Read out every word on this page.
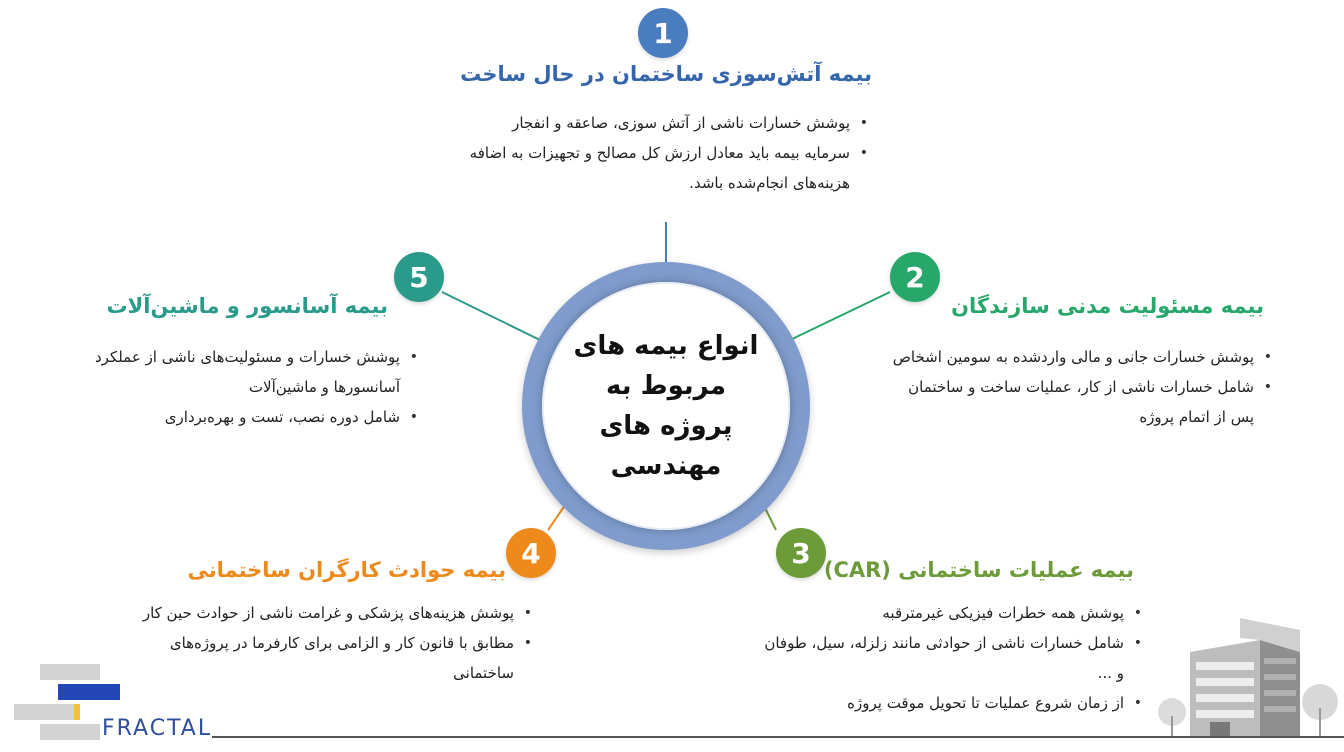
انواع بیمه های مربوط به پروژه های مهندسی
1
بیمه آتش‌سوزی ساختمان در حال ساخت
• پوشش خسارات ناشی از آتش سوزی، صاعقه و انفجار
• سرمایه بیمه باید معادل ارزش کل مصالح و تجهیزات به اضافه هزینه‌های انجام‌شده باشد.
2
بیمه مسئولیت مدنی سازندگان
• پوشش خسارات جانی و مالی واردشده به سومین اشخاص
• شامل خسارات ناشی از کار، عملیات ساخت و ساختمان پس از اتمام پروژه
3
بیمه عملیات ساختمانی (CAR)
• پوشش همه خطرات فیزیکی غیرمترقبه
• شامل خسارات ناشی از حوادثی مانند زلزله، سیل، طوفان و ...
• از زمان شروع عملیات تا تحویل موقت پروژه
4
بیمه حوادث کارگران ساختمانی
• پوشش هزینه‌های پزشکی و غرامت ناشی از حوادث حین کار
• مطابق با قانون کار و الزامی برای کارفرما در پروژه‌های ساختمانی
5
بیمه آسانسور و ماشین‌آلات
• پوشش خسارات و مسئولیت‌های ناشی از عملکرد آسانسورها و ماشین‌آلات
• شامل دوره نصب، تست و بهره‌برداری
FRACTAL
